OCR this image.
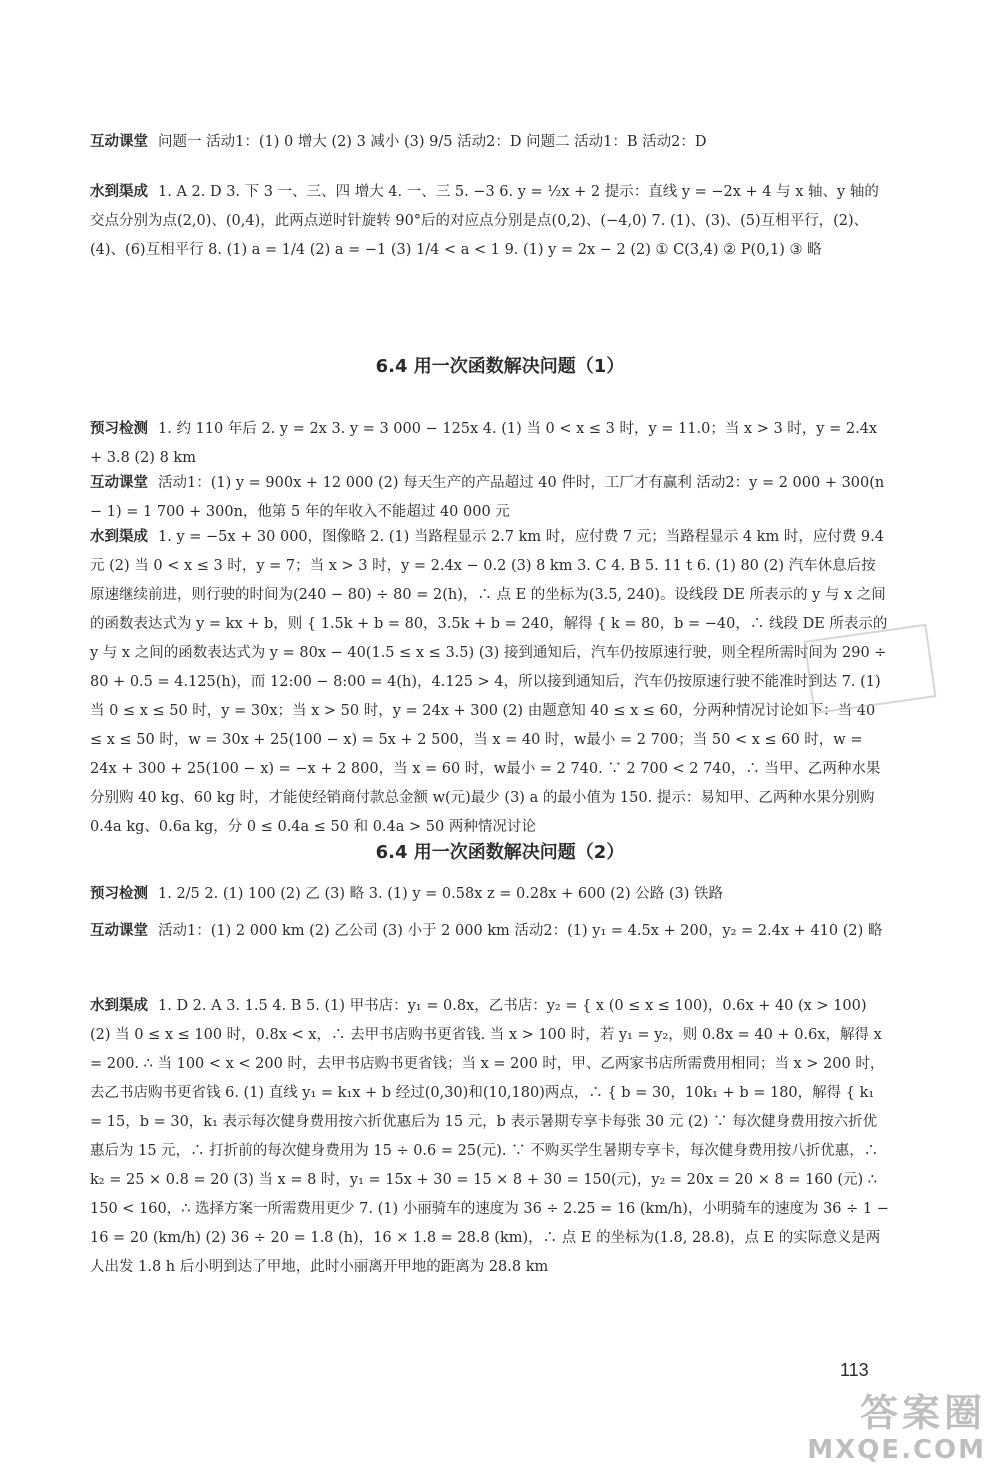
互动课堂 问题一 活动1：(1) 0 增大 (2) 3 减小 (3) 9/5 活动2：D 问题二 活动1：B 活动2：D

水到渠成 1. A 2. D 3. 下 3 一、三、四 增大 4. 一、三 5. −3 6. y = ½x + 2 提示：直线 y = −2x + 4 与 x 轴、y 轴的交点分别为点(2,0)、(0,4)，此两点逆时针旋转 90°后的对应点分别是点(0,2)、(−4,0) 7. (1)、(3)、(5)互相平行，(2)、(4)、(6)互相平行 8. (1) a = 1/4 (2) a = −1 (3) 1/4 < a < 1 9. (1) y = 2x − 2 (2) ① C(3,4) ② P(0,1) ③ 略

6.4 用一次函数解决问题（1）

预习检测 1. 约 110 年后 2. y = 2x 3. y = 3 000 − 125x 4. (1) 当 0 < x ≤ 3 时，y = 11.0；当 x > 3 时，y = 2.4x + 3.8 (2) 8 km

互动课堂 活动1：(1) y = 900x + 12 000 (2) 每天生产的产品超过 40 件时，工厂才有赢利 活动2：y = 2 000 + 300(n − 1) = 1 700 + 300n，他第 5 年的年收入不能超过 40 000 元

水到渠成 1. y = −5x + 30 000，图像略 2. (1) 当路程显示 2.7 km 时，应付费 7 元；当路程显示 4 km 时，应付费 9.4 元 (2) 当 0 < x ≤ 3 时，y = 7；当 x > 3 时，y = 2.4x − 0.2 (3) 8 km 3. C 4. B 5. 11 t 6. (1) 80 (2) 汽车休息后按原速继续前进，则行驶的时间为(240 − 80) ÷ 80 = 2(h)，∴ 点 E 的坐标为(3.5, 240)。设线段 DE 所表示的 y 与 x 之间的函数表达式为 y = kx + b，则 { 1.5k + b = 80，3.5k + b = 240，解得 { k = 80，b = −40，∴ 线段 DE 所表示的 y 与 x 之间的函数表达式为 y = 80x − 40(1.5 ≤ x ≤ 3.5) (3) 接到通知后，汽车仍按原速行驶，则全程所需时间为 290 ÷ 80 + 0.5 = 4.125(h)，而 12:00 − 8:00 = 4(h)，4.125 > 4，所以接到通知后，汽车仍按原速行驶不能准时到达 7. (1) 当 0 ≤ x ≤ 50 时，y = 30x；当 x > 50 时，y = 24x + 300 (2) 由题意知 40 ≤ x ≤ 60，分两种情况讨论如下：当 40 ≤ x ≤ 50 时，w = 30x + 25(100 − x) = 5x + 2 500，当 x = 40 时，w最小 = 2 700；当 50 < x ≤ 60 时，w = 24x + 300 + 25(100 − x) = −x + 2 800，当 x = 60 时，w最小 = 2 740. ∵ 2 700 < 2 740，∴ 当甲、乙两种水果分别购 40 kg、60 kg 时，才能使经销商付款总金额 w(元)最少 (3) a 的最小值为 150. 提示：易知甲、乙两种水果分别购 0.4a kg、0.6a kg，分 0 ≤ 0.4a ≤ 50 和 0.4a > 50 两种情况讨论

6.4 用一次函数解决问题（2）

预习检测 1. 2/5 2. (1) 100 (2) 乙 (3) 略 3. (1) y = 0.58x z = 0.28x + 600 (2) 公路 (3) 铁路

互动课堂 活动1：(1) 2 000 km (2) 乙公司 (3) 小于 2 000 km 活动2：(1) y₁ = 4.5x + 200，y₂ = 2.4x + 410 (2) 略

水到渠成 1. D 2. A 3. 1.5 4. B 5. (1) 甲书店：y₁ = 0.8x，乙书店：y₂ = { x (0 ≤ x ≤ 100)，0.6x + 40 (x > 100) (2) 当 0 ≤ x ≤ 100 时，0.8x < x，∴ 去甲书店购书更省钱. 当 x > 100 时，若 y₁ = y₂，则 0.8x = 40 + 0.6x，解得 x = 200. ∴ 当 100 < x < 200 时，去甲书店购书更省钱；当 x = 200 时，甲、乙两家书店所需费用相同；当 x > 200 时，去乙书店购书更省钱 6. (1) 直线 y₁ = k₁x + b 经过(0,30)和(10,180)两点，∴ { b = 30，10k₁ + b = 180，解得 { k₁ = 15，b = 30，k₁ 表示每次健身费用按六折优惠后为 15 元，b 表示暑期专享卡每张 30 元 (2) ∵ 每次健身费用按六折优惠后为 15 元，∴ 打折前的每次健身费用为 15 ÷ 0.6 = 25(元). ∵ 不购买学生暑期专享卡，每次健身费用按八折优惠，∴ k₂ = 25 × 0.8 = 20 (3) 当 x = 8 时，y₁ = 15x + 30 = 15 × 8 + 30 = 150(元)，y₂ = 20x = 20 × 8 = 160 (元) ∴ 150 < 160，∴ 选择方案一所需费用更少 7. (1) 小丽骑车的速度为 36 ÷ 2.25 = 16 (km/h)，小明骑车的速度为 36 ÷ 1 − 16 = 20 (km/h) (2) 36 ÷ 20 = 1.8 (h)，16 × 1.8 = 28.8 (km)，∴ 点 E 的坐标为(1.8, 28.8)，点 E 的实际意义是两人出发 1.8 h 后小明到达了甲地，此时小丽离开甲地的距离为 28.8 km

113
答案圈
MXQE.COM
